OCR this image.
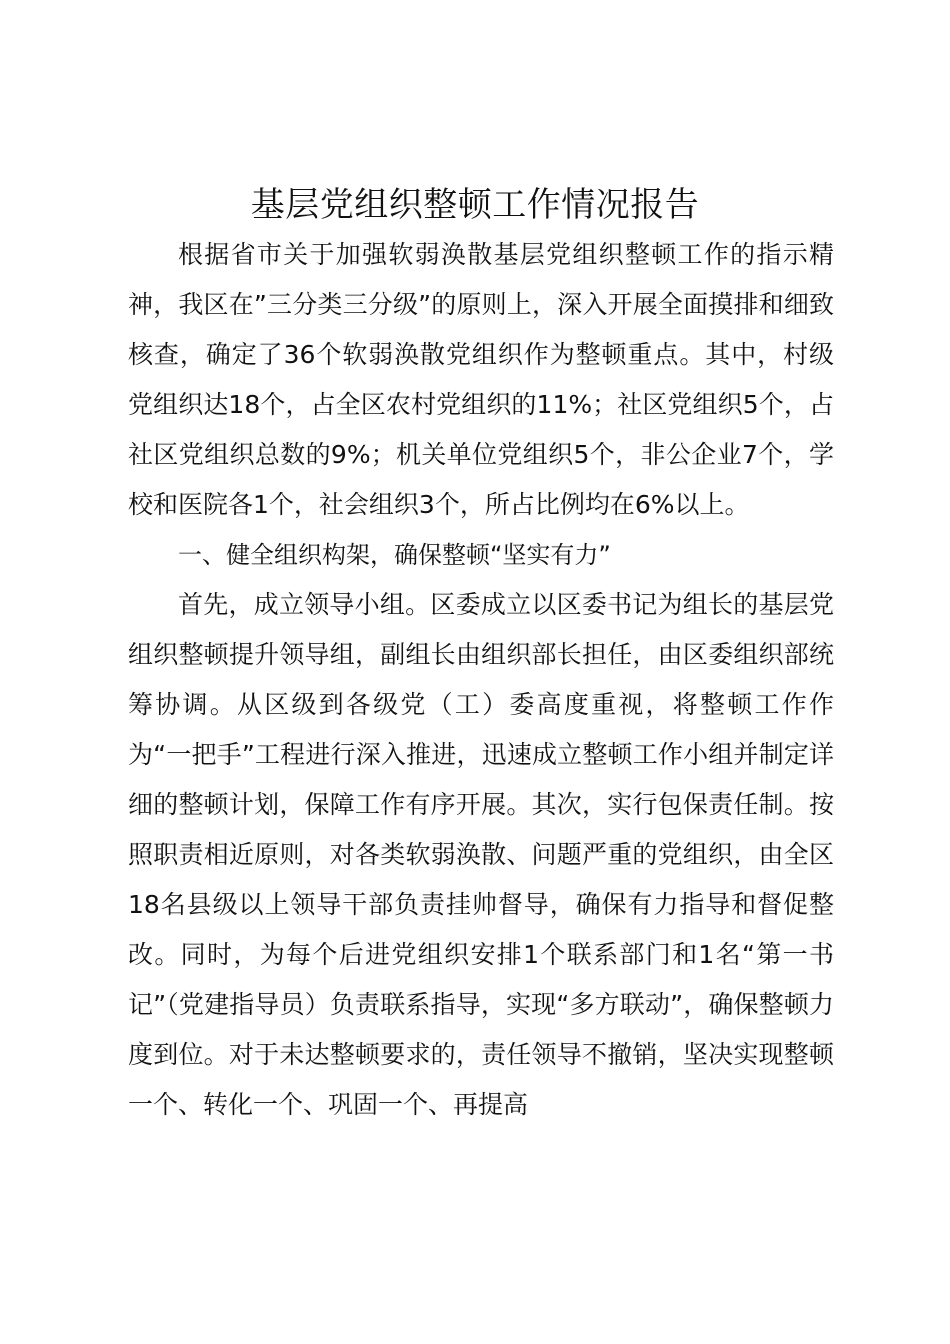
基层党组织整顿工作情况报告

根据省市关于加强软弱涣散基层党组织整顿工作的指示精神，我区在”三分类三分级”的原则上，深入开展全面摸排和细致核查，确定了36个软弱涣散党组织作为整顿重点。其中，村级党组织达18个，占全区农村党组织的11%；社区党组织5个，占社区党组织总数的9%；机关单位党组织5个，非公企业7个，学校和医院各1个，社会组织3个，所占比例均在6%以上。

一、健全组织构架，确保整顿“坚实有力”

首先，成立领导小组。区委成立以区委书记为组长的基层党组织整顿提升领导组，副组长由组织部长担任，由区委组织部统筹协调。从区级到各级党（工）委高度重视，将整顿工作作为“一把手”工程进行深入推进，迅速成立整顿工作小组并制定详细的整顿计划，保障工作有序开展。其次，实行包保责任制。按照职责相近原则，对各类软弱涣散、问题严重的党组织，由全区18名县级以上领导干部负责挂帅督导，确保有力指导和督促整改。同时，为每个后进党组织安排1个联系部门和1名“第一书记”（党建指导员）负责联系指导，实现“多方联动”，确保整顿力度到位。对于未达整顿要求的，责任领导不撤销，坚决实现整顿一个、转化一个、巩固一个、再提高
